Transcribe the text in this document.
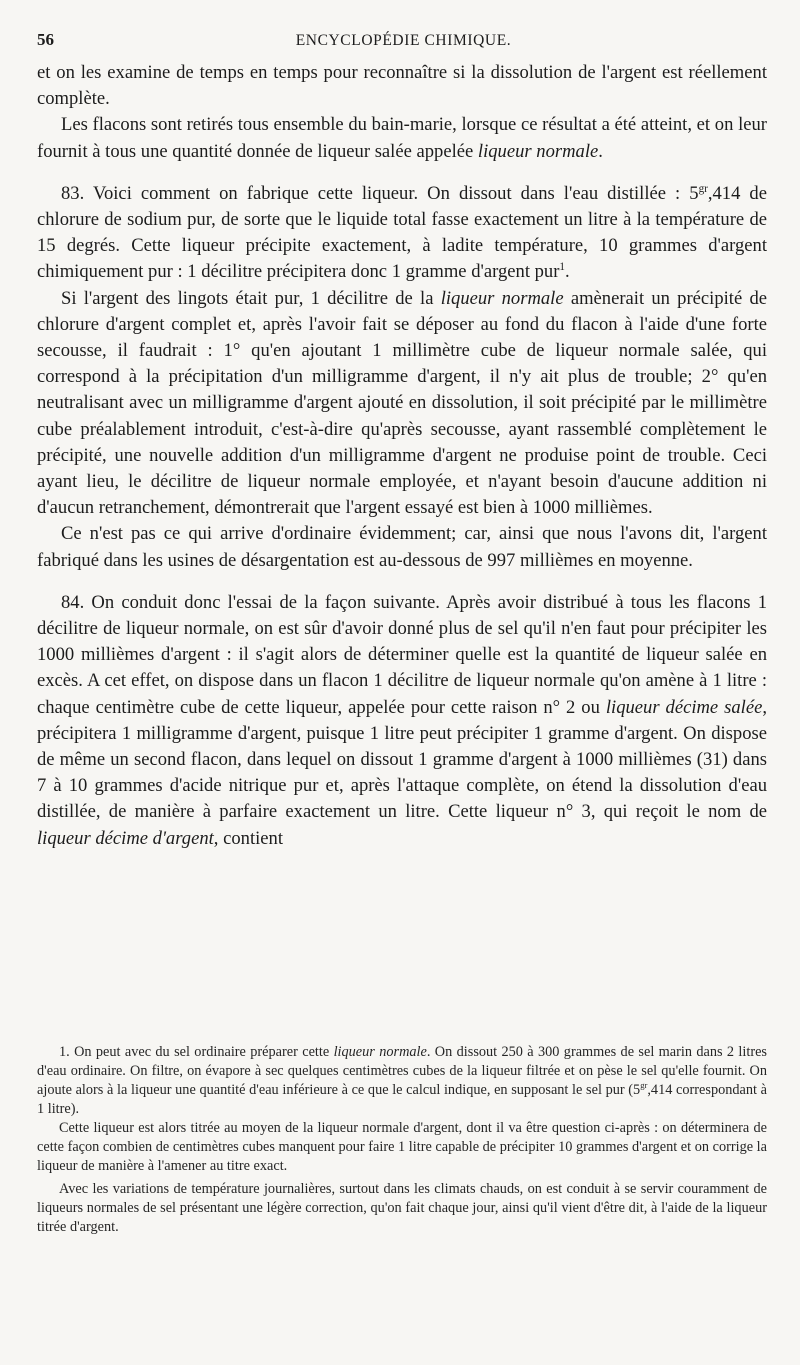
56	ENCYCLOPÉDIE CHIMIQUE.

et on les examine de temps en temps pour reconnaître si la dissolution de l'argent est réellement complète.

Les flacons sont retirés tous ensemble du bain-marie, lorsque ce résultat a été atteint, et on leur fournit à tous une quantité donnée de liqueur salée appelée liqueur normale.

83. Voici comment on fabrique cette liqueur. On dissout dans l'eau distillée : $5^{gr},414$ de chlorure de sodium pur, de sorte que le liquide total fasse exactement un litre à la température de 15 degrés. Cette liqueur précipite exactement, à ladite température, 10 grammes d'argent chimiquement pur : 1 décilitre précipitera donc 1 gramme d'argent pur$^1$.

Si l'argent des lingots était pur, 1 décilitre de la liqueur normale amènerait un précipité de chlorure d'argent complet et, après l'avoir fait se déposer au fond du flacon à l'aide d'une forte secousse, il faudrait : 1° qu'en ajoutant 1 millimètre cube de liqueur normale salée, qui correspond à la précipitation d'un milligramme d'argent, il n'y ait plus de trouble; 2° qu'en neutralisant avec un milligramme d'argent ajouté en dissolution, il soit précipité par le millimètre cube préalablement introduit, c'est-à-dire qu'après secousse, ayant rassemblé complètement le précipité, une nouvelle addition d'un milligramme d'argent ne produise point de trouble. Ceci ayant lieu, le décilitre de liqueur normale employée, et n'ayant besoin d'aucune addition ni d'aucun retranchement, démontrerait que l'argent essayé est bien à 1000 millièmes.

Ce n'est pas ce qui arrive d'ordinaire évidemment; car, ainsi que nous l'avons dit, l'argent fabriqué dans les usines de désargentation est au-dessous de 997 millièmes en moyenne.

84. On conduit donc l'essai de la façon suivante. Après avoir distribué à tous les flacons 1 décilitre de liqueur normale, on est sûr d'avoir donné plus de sel qu'il n'en faut pour précipiter les 1000 millièmes d'argent : il s'agit alors de déterminer quelle est la quantité de liqueur salée en excès. A cet effet, on dispose dans un flacon 1 décilitre de liqueur normale qu'on amène à 1 litre : chaque centimètre cube de cette liqueur, appelée pour cette raison n° 2 ou liqueur décime salée, précipitera 1 milligramme d'argent, puisque 1 litre peut précipiter 1 gramme d'argent. On dispose de même un second flacon, dans lequel on dissout 1 gramme d'argent à 1000 millièmes (31) dans 7 à 10 grammes d'acide nitrique pur et, après l'attaque complète, on étend la dissolution d'eau distillée, de manière à parfaire exactement un litre. Cette liqueur n° 3, qui reçoit le nom de liqueur décime d'argent, contient

1. On peut avec du sel ordinaire préparer cette liqueur normale. On dissout 250 à 300 grammes de sel marin dans 2 litres d'eau ordinaire. On filtre, on évapore à sec quelques centimètres cubes de la liqueur filtrée et on pèse le sel qu'elle fournit. On ajoute alors à la liqueur une quantité d'eau inférieure à ce que le calcul indique, en supposant le sel pur ($5^{gr},414$ correspondant à 1 litre).

Cette liqueur est alors titrée au moyen de la liqueur normale d'argent, dont il va être question ci-après : on déterminera de cette façon combien de centimètres cubes manquent pour faire 1 litre capable de précipiter 10 grammes d'argent et on corrige la liqueur de manière à l'amener au titre exact.

Avec les variations de température journalières, surtout dans les climats chauds, on est conduit à se servir couramment de liqueurs normales de sel présentant une légère correction, qu'on fait chaque jour, ainsi qu'il vient d'être dit, à l'aide de la liqueur titrée d'argent.
